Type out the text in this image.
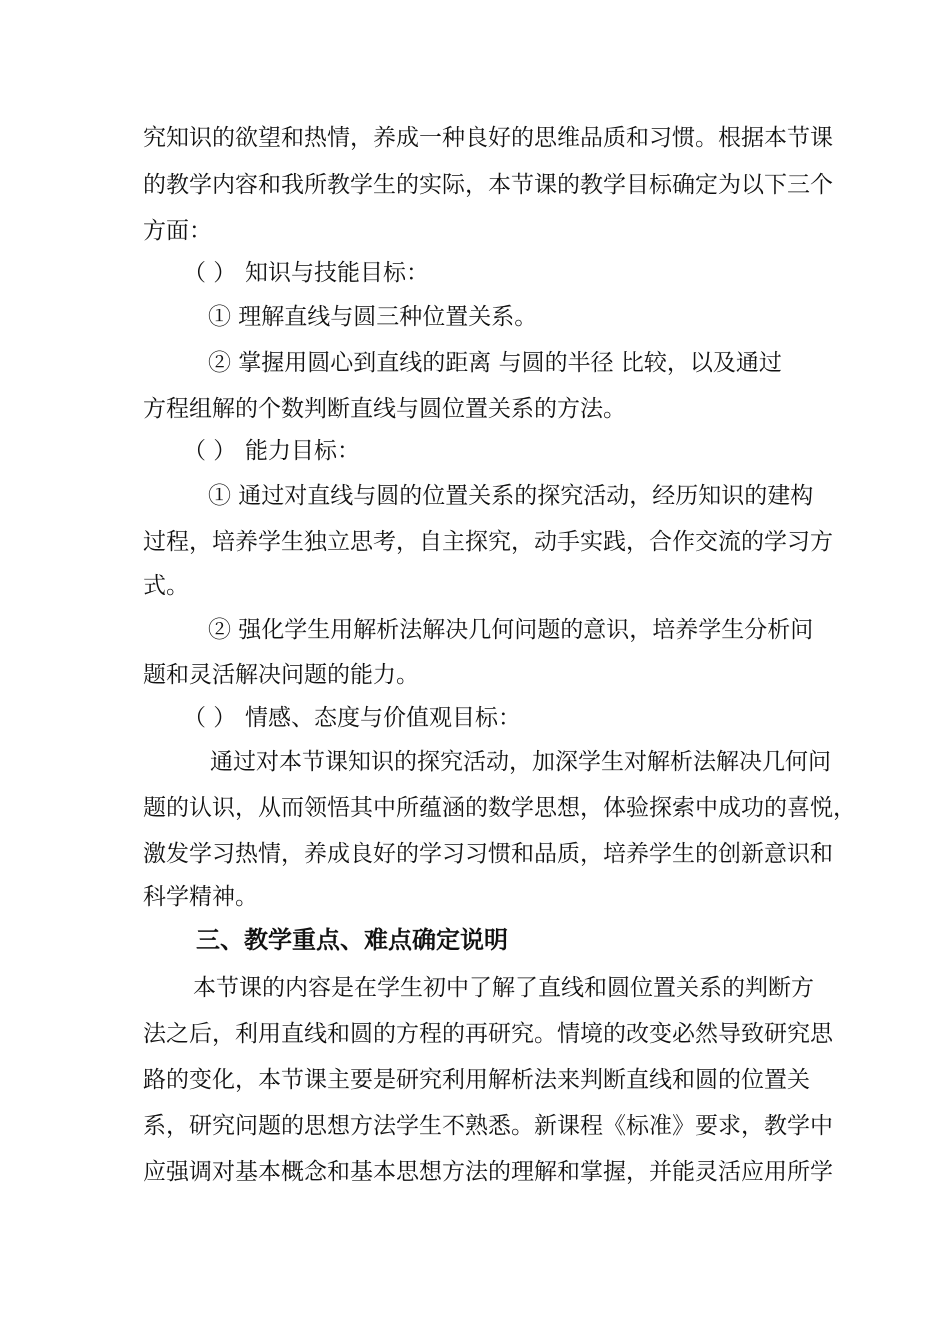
究 知 识 的 欲 望 和 热 情 ， 养 成 一 种 良 好 的 思 维 品 质 和 习 惯 。 根 据 本 节 课
的 教 学 内 容 和 我 所 教 学 生 的 实 际 ， 本 节 课 的 教 学 目 标 确 定 为 以 下 三 个
方面：
（ ） 知识与技能目标：
① 理解直线与圆三种位置关系。
② 掌握用圆心到直线的距离 与圆的半径 比较，以及通过
方程组解的个数判断直线与圆位置关系的方法。
（ ） 能力目标：
① 通过对直线与圆的位置关系的探究活动，经历知识的建构
过程，培养学生独立思考，自主探究，动手实践，合作交流的学习方
式。
② 强化学生用解析法解决几何问题的意识，培养学生分析问
题和灵活解决问题的能力。
（ ） 情感、态度与价值观目标：
通过对本节课知识的探究活动，加深学生对解析法解决几何问
题的认识，从而领悟其中所蕴涵的数学思想，体验探索中成功的喜悦，
激发学习热情，养成良好的学习习惯和品质，培养学生的创新意识和
科学精神。
三、教学重点、难点确定说明
本节课的内容是在学生初中了解了直线和圆位置关系的判断方
法之后，利用直线和圆的方程的再研究。情境的改变必然导致研究思
路的变化，本节课主要是研究利用解析法来判断直线和圆的位置关
系，研究问题的思想方法学生不熟悉。新课程《标准》要求，教学中
应强调对基本概念和基本思想方法的理解和掌握，并能灵活应用所学
